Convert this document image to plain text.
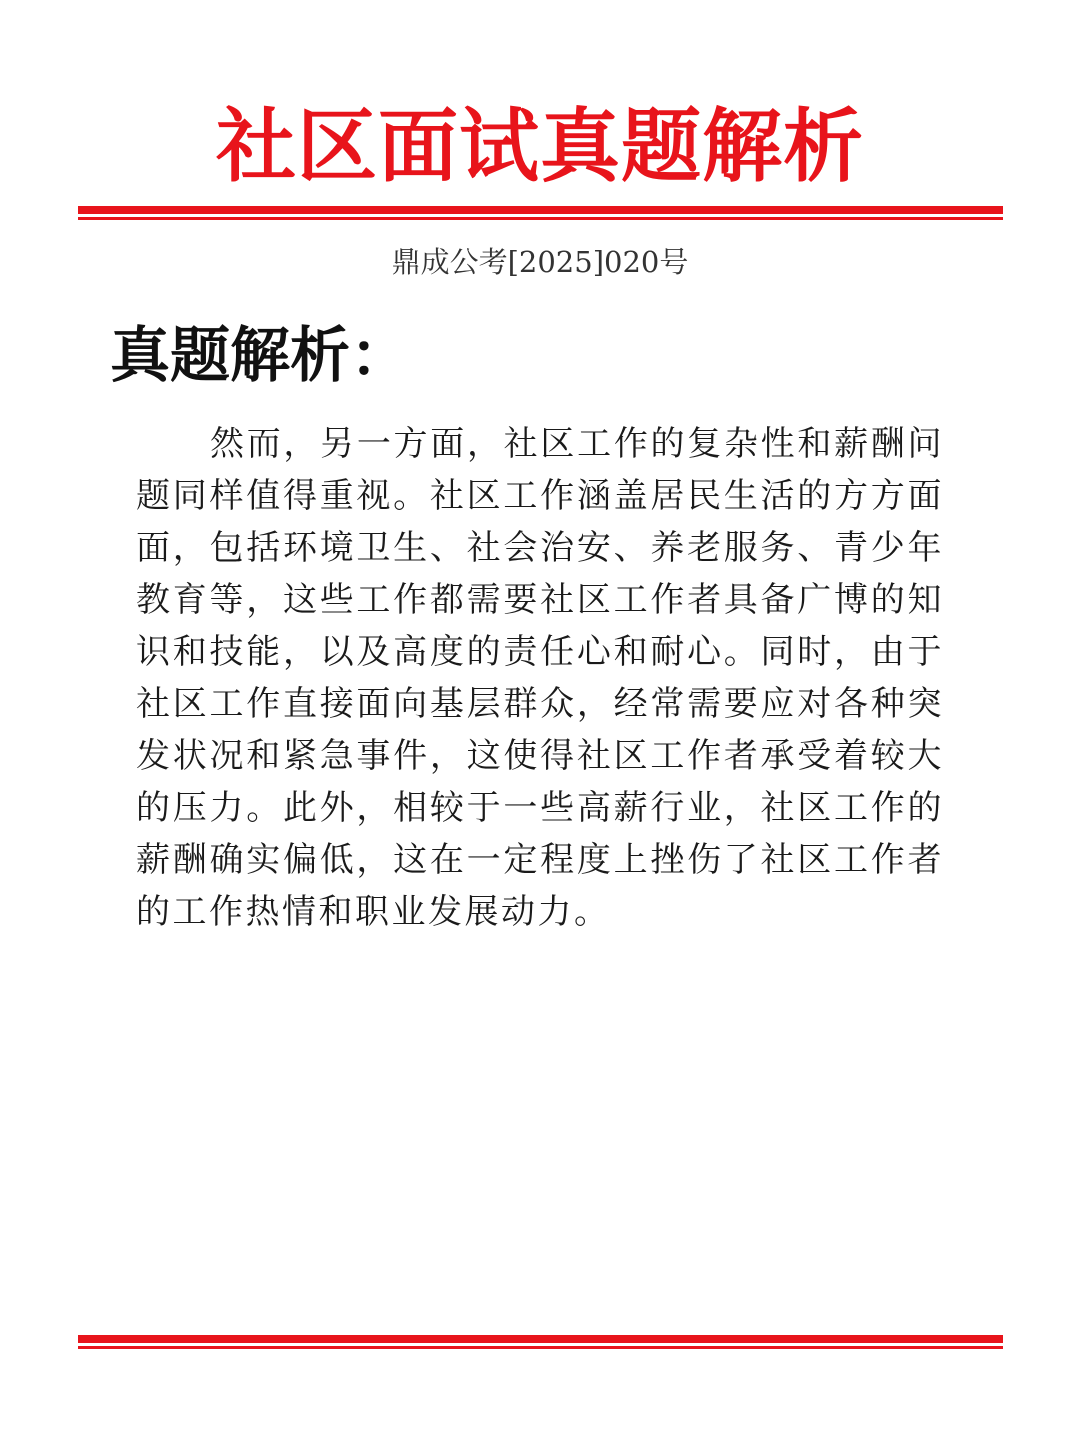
社区面试真题解析
鼎成公考[2025]020号
真题解析：

然而，另一方面，社区工作的复杂性和薪酬问题同样值得重视。社区工作涵盖居民生活的方方面面，包括环境卫生、社会治安、养老服务、青少年教育等，这些工作都需要社区工作者具备广博的知识和技能，以及高度的责任心和耐心。同时，由于社区工作直接面向基层群众，经常需要应对各种突发状况和紧急事件，这使得社区工作者承受着较大的压力。此外，相较于一些高薪行业，社区工作的薪酬确实偏低，这在一定程度上挫伤了社区工作者的工作热情和职业发展动力。
